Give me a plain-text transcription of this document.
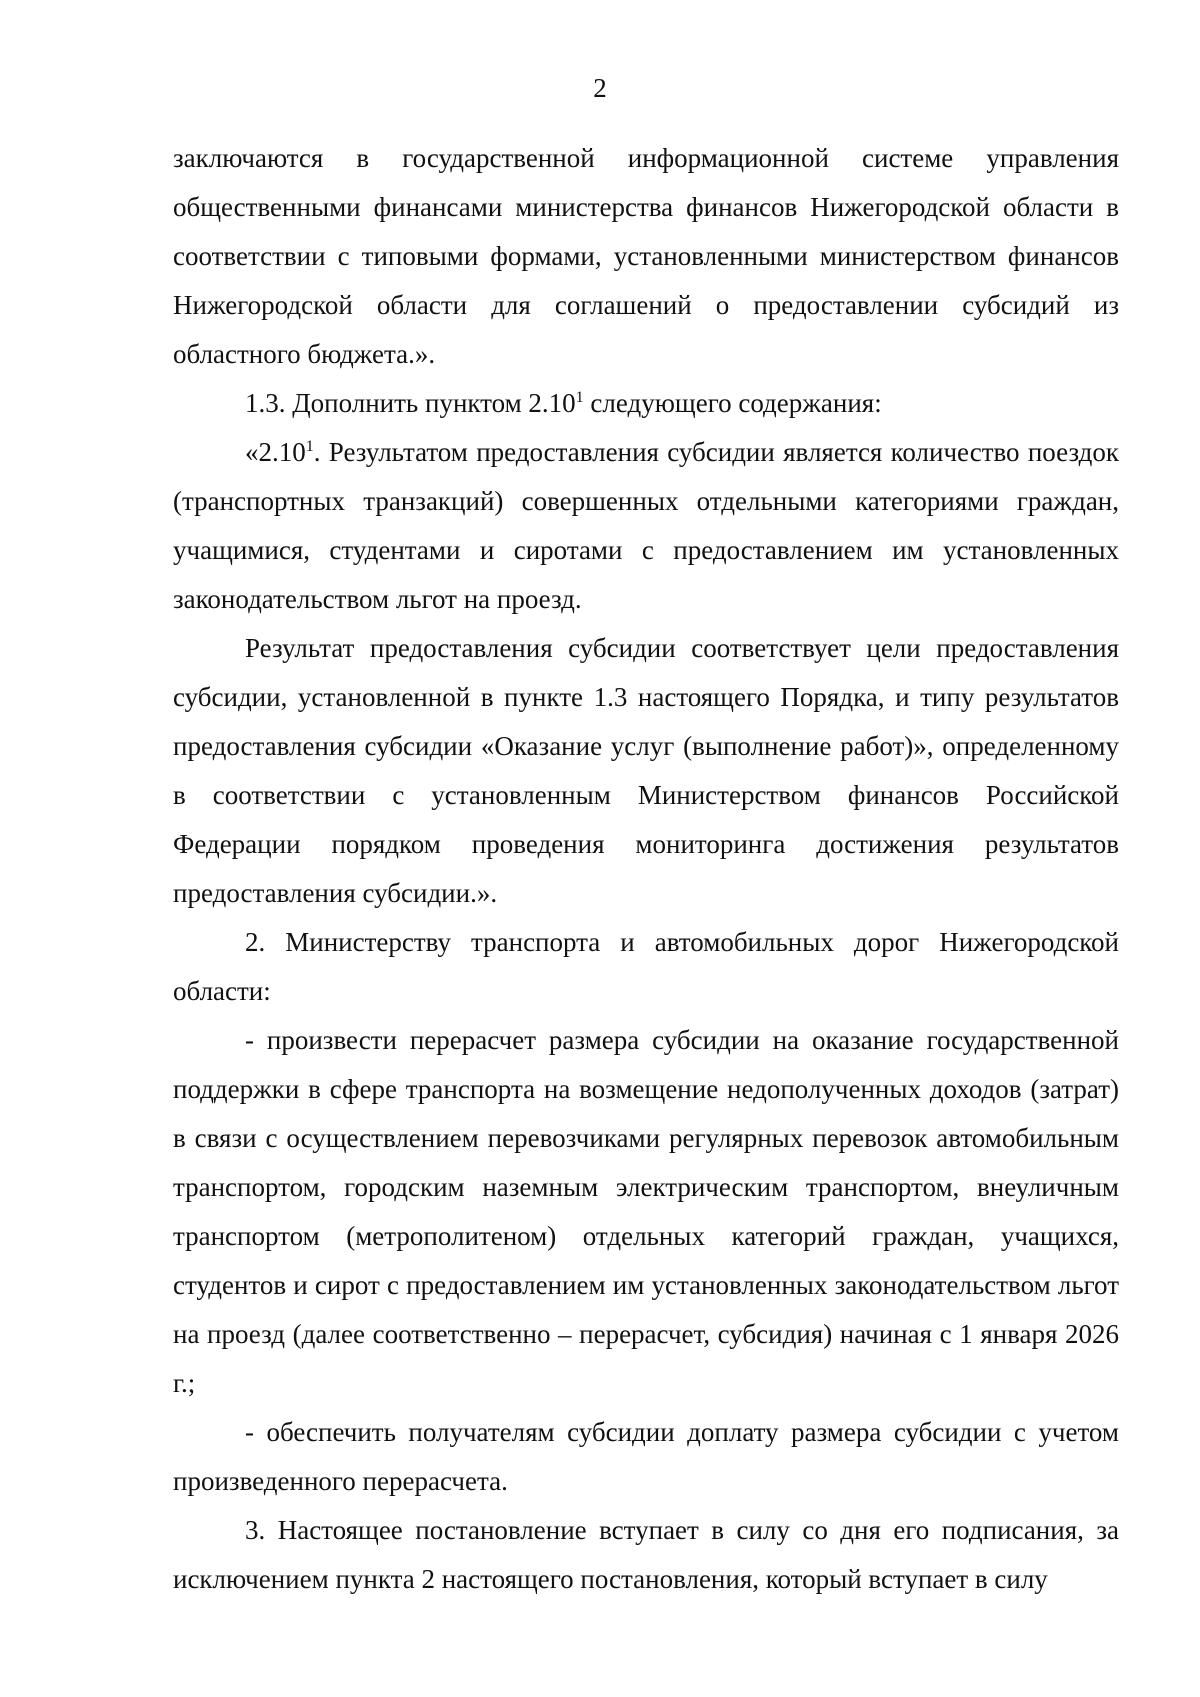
2

заключаются в государственной информационной системе управления общественными финансами министерства финансов Нижегородской области в соответствии с типовыми формами, установленными министерством финансов Нижегородской области для соглашений о предоставлении субсидий из областного бюджета.».

1.3. Дополнить пунктом 2.10$^1$ следующего содержания:

«2.10$^1$. Результатом предоставления субсидии является количество поездок (транспортных транзакций) совершенных отдельными категориями граждан, учащимися, студентами и сиротами с предоставлением им установленных законодательством льгот на проезд.

Результат предоставления субсидии соответствует цели предоставления субсидии, установленной в пункте 1.3 настоящего Порядка, и типу результатов предоставления субсидии «Оказание услуг (выполнение работ)», определенному в соответствии с установленным Министерством финансов Российской Федерации порядком проведения мониторинга достижения результатов предоставления субсидии.».

2. Министерству транспорта и автомобильных дорог Нижегородской области:

- произвести перерасчет размера субсидии на оказание государственной поддержки в сфере транспорта на возмещение недополученных доходов (затрат) в связи с осуществлением перевозчиками регулярных перевозок автомобильным транспортом, городским наземным электрическим транспортом, внеуличным транспортом (метрополитеном) отдельных категорий граждан, учащихся, студентов и сирот с предоставлением им установленных законодательством льгот на проезд (далее соответственно – перерасчет, субсидия) начиная с 1 января 2026 г.;

- обеспечить получателям субсидии доплату размера субсидии с учетом произведенного перерасчета.

3. Настоящее постановление вступает в силу со дня его подписания, за исключением пункта 2 настоящего постановления, который вступает в силу
